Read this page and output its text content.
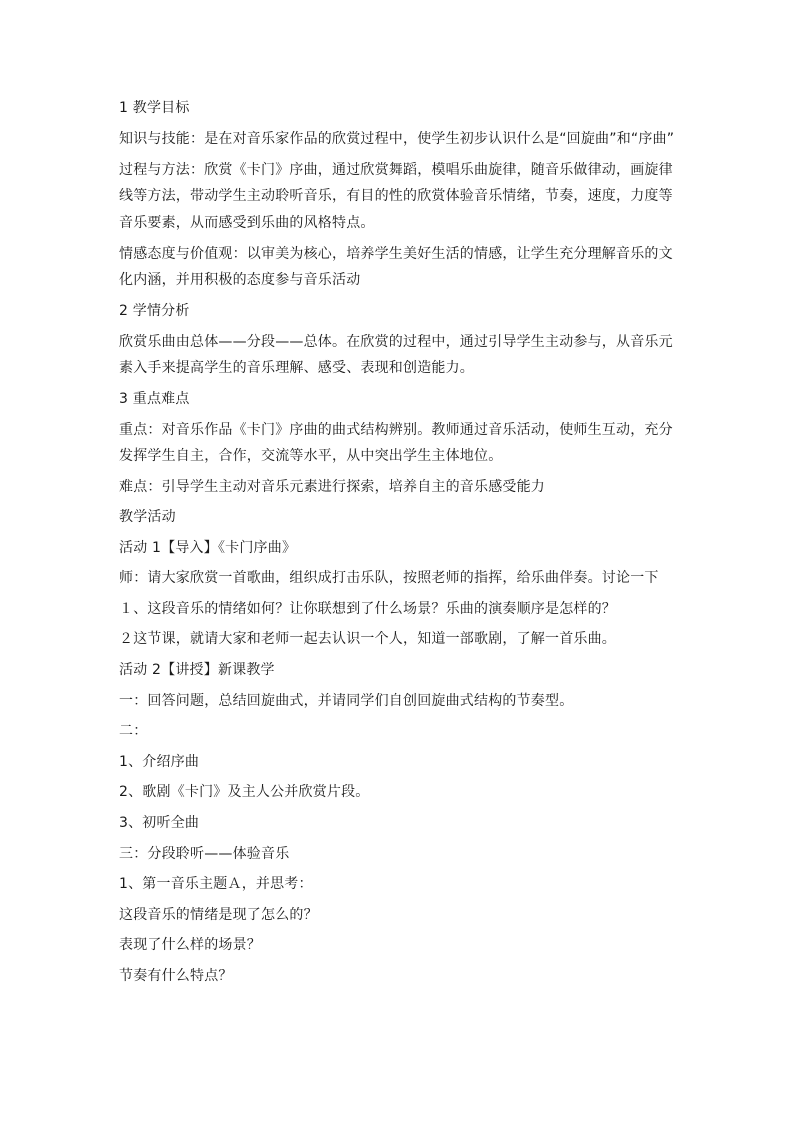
1 教学目标

知识与技能：是在对音乐家作品的欣赏过程中，使学生初步认识什么是“回旋曲”和“序曲”

过程与方法：欣赏《卡门》序曲，通过欣赏舞蹈，模唱乐曲旋律，随音乐做律动，画旋律线等方法，带动学生主动聆听音乐，有目的性的欣赏体验音乐情绪，节奏，速度，力度等音乐要素，从而感受到乐曲的风格特点。

情感态度与价值观：以审美为核心，培养学生美好生活的情感，让学生充分理解音乐的文化内涵，并用积极的态度参与音乐活动

2 学情分析

欣赏乐曲由总体——分段——总体。在欣赏的过程中，通过引导学生主动参与，从音乐元素入手来提高学生的音乐理解、感受、表现和创造能力。

3 重点难点

重点：对音乐作品《卡门》序曲的曲式结构辨别。教师通过音乐活动，使师生互动，充分发挥学生自主，合作，交流等水平，从中突出学生主体地位。

难点：引导学生主动对音乐元素进行探索，培养自主的音乐感受能力

教学活动

活动 1【导入】《卡门序曲》

师：请大家欣赏一首歌曲，组织成打击乐队，按照老师的指挥，给乐曲伴奏。讨论一下

１、这段音乐的情绪如何？让你联想到了什么场景？乐曲的演奏顺序是怎样的？

２这节课，就请大家和老师一起去认识一个人，知道一部歌剧，了解一首乐曲。

活动 2【讲授】新课教学

一：回答问题，总结回旋曲式，并请同学们自创回旋曲式结构的节奏型。

二：

1、介绍序曲

2、歌剧《卡门》及主人公并欣赏片段。

3、初听全曲

三：分段聆听——体验音乐

1、第一音乐主题Ａ，并思考：

这段音乐的情绪是现了怎么的？

表现了什么样的场景？

节奏有什么特点？
